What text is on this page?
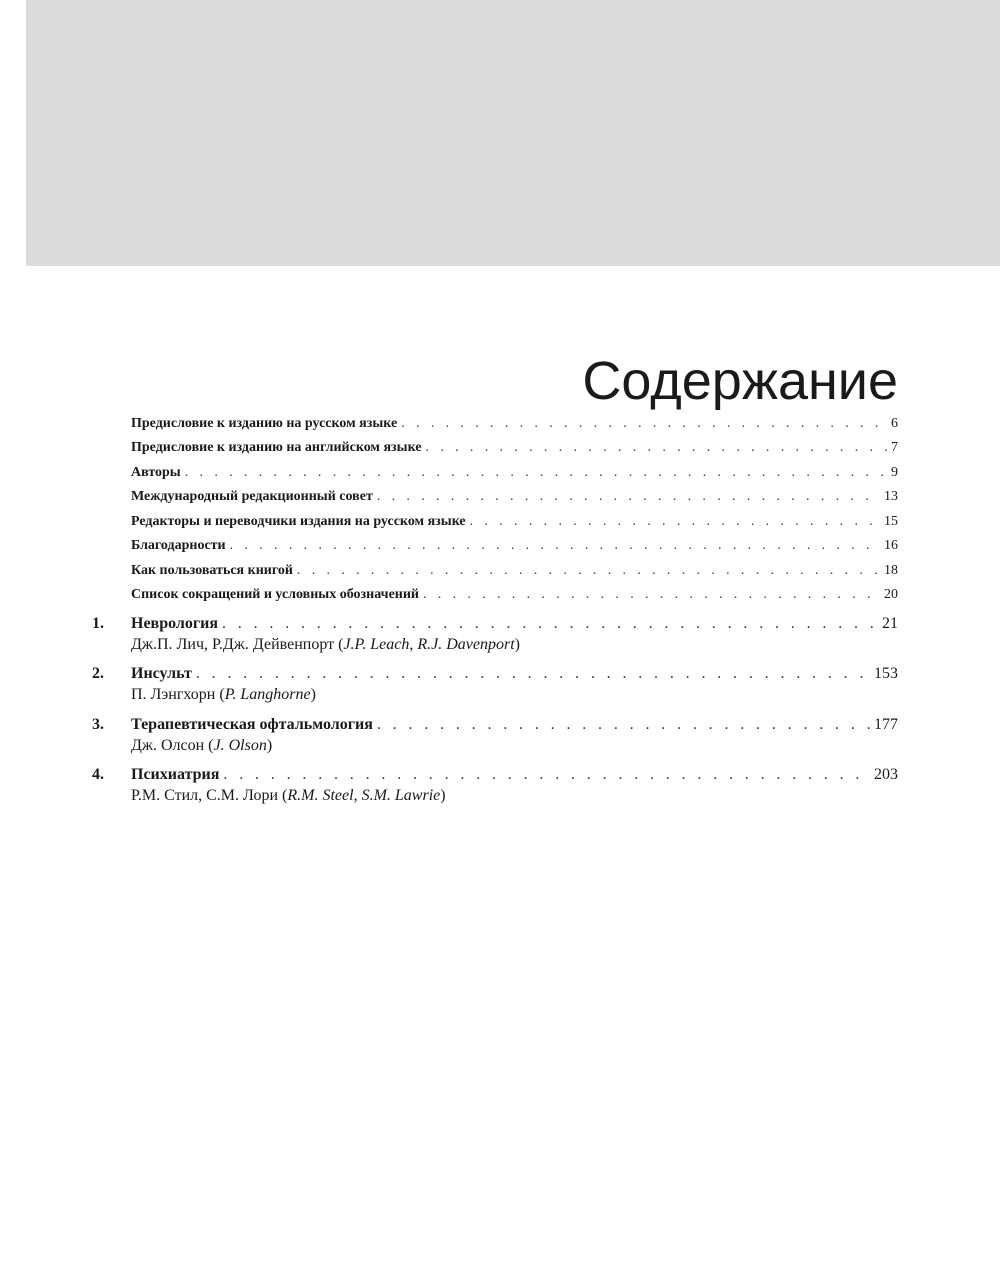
Содержание
Предисловие к изданию на русском языке . . .	6
Предисловие к изданию на английском языке . . .	7
Авторы . . .	9
Международный редакционный совет . . .	13
Редакторы и переводчики издания на русском языке . . .	15
Благодарности . . .	16
Как пользоваться книгой . . .	18
Список сокращений и условных обозначений . . .	20
1. Неврология . . .	21
Дж.П. Лич, Р.Дж. Дейвенпорт (J.P. Leach, R.J. Davenport)
2. Инсульт . . .	153
П. Лэнгхорн (P. Langhorne)
3. Терапевтическая офтальмология . . .	177
Дж. Олсон (J. Olson)
4. Психиатрия . . .	203
Р.М. Стил, С.М. Лори (R.M. Steel, S.M. Lawrie)
